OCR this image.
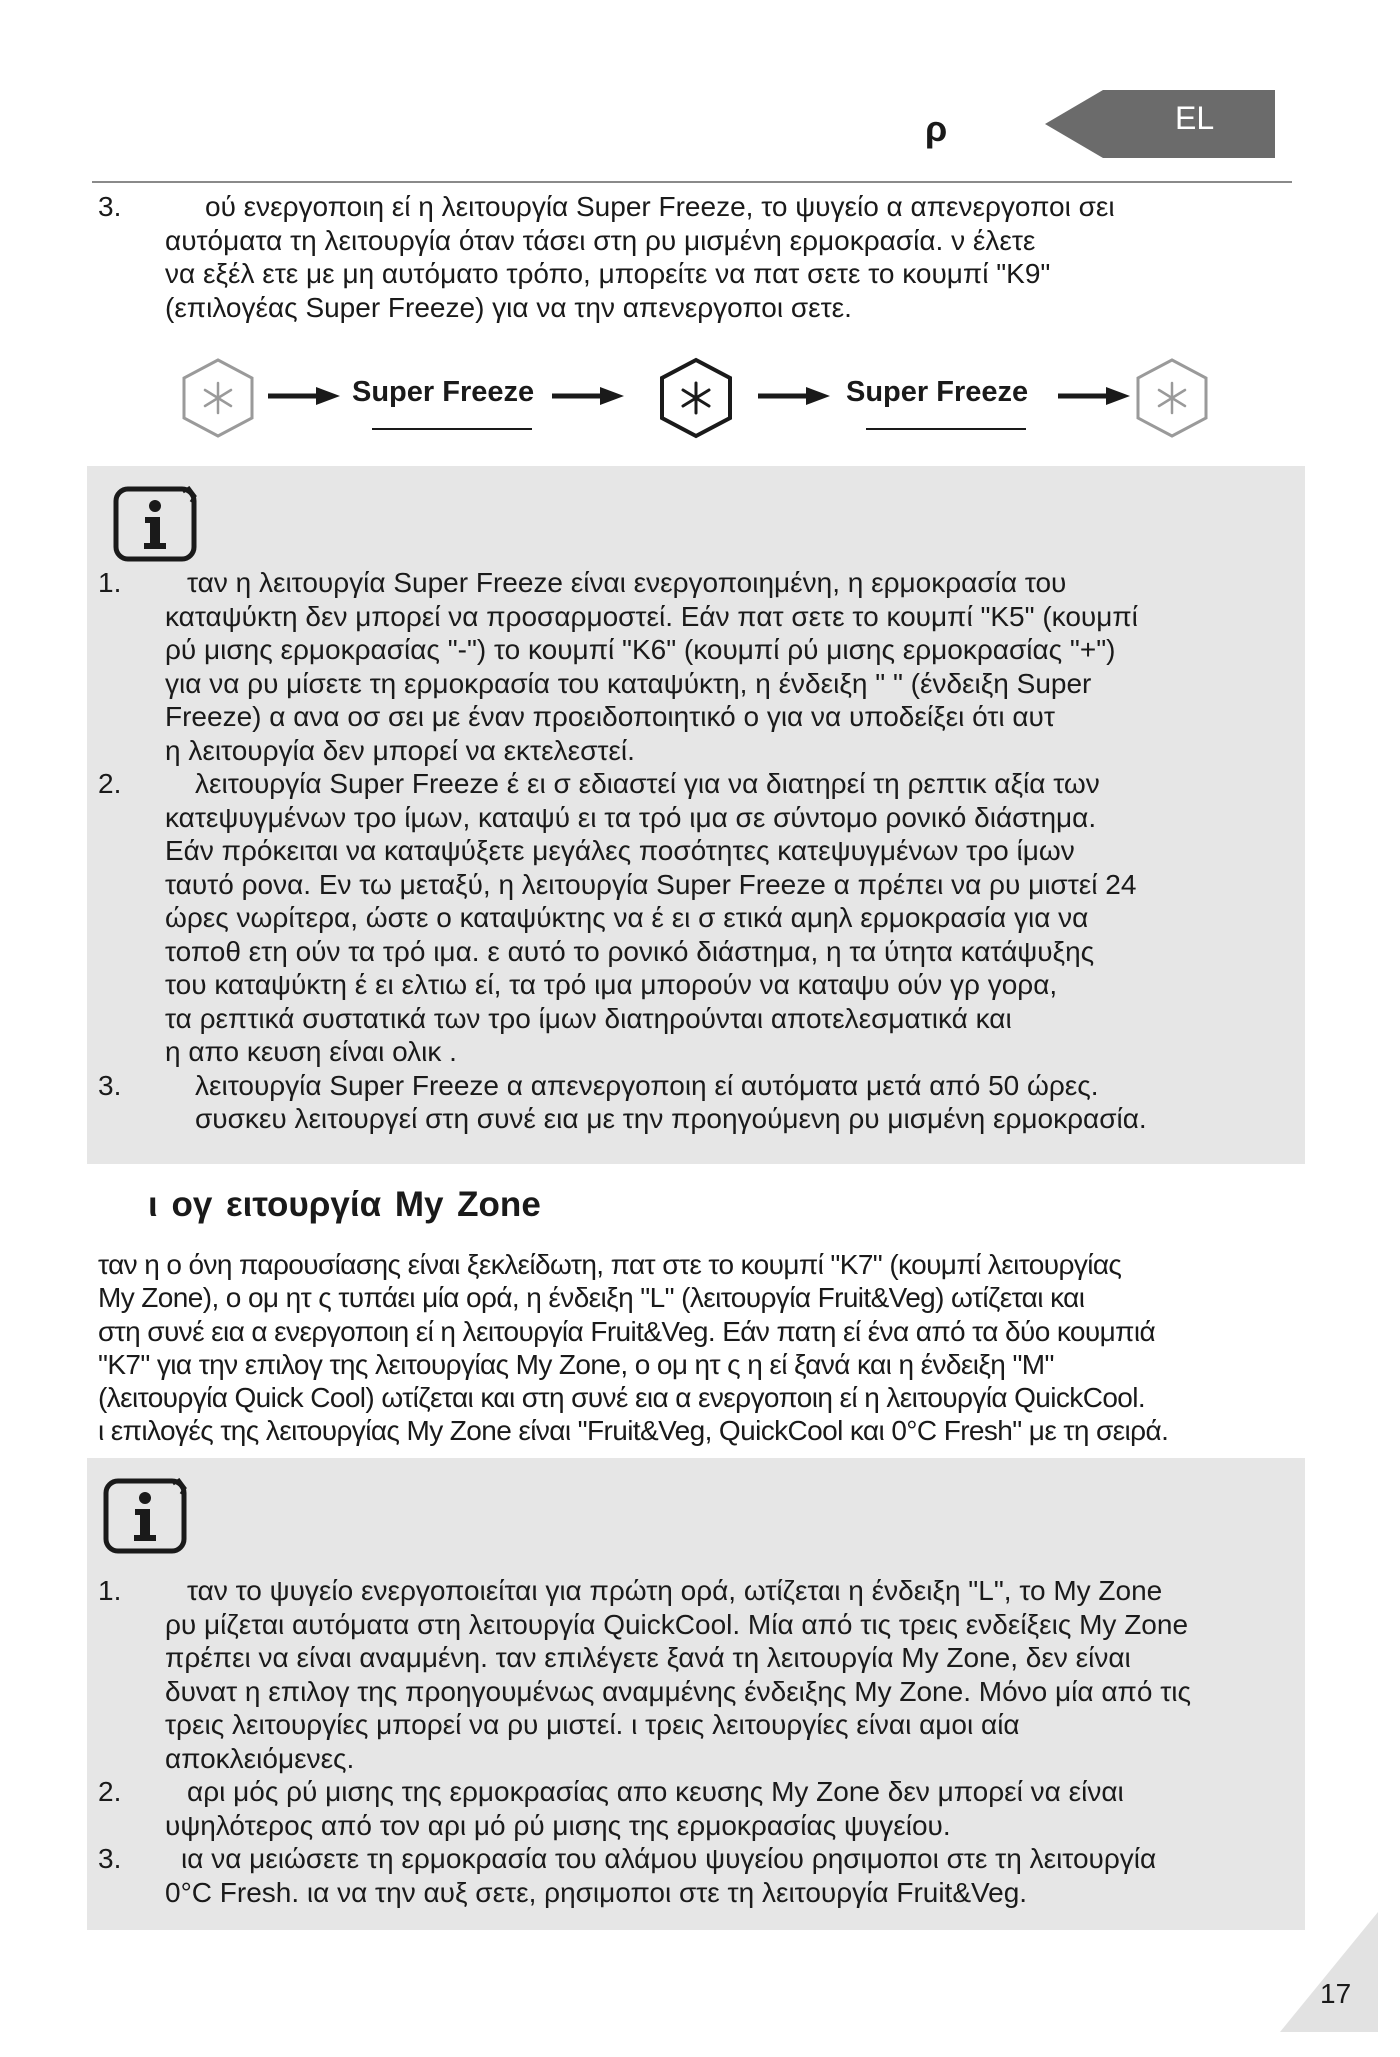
ρ	EL
3.	ού ενεργοποιη εί η λειτουργία Super Freeze, το ψυγείο α απενεργοποι σει
αυτόματα τη λειτουργία όταν τάσει στη ρυ μισμένη ερμοκρασία. ν έλετε
να εξέλ ετε με μη αυτόματο τρόπο, μπορείτε να πατ σετε το κουμπί "K9"
(επιλογέας Super Freeze) για να την απενεργοποι σετε.
Super Freeze	Super Freeze
1.	ταν η λειτουργία Super Freeze είναι ενεργοποιημένη, η ερμοκρασία του
καταψύκτη δεν μπορεί να προσαρμοστεί. Εάν πατ σετε το κουμπί "K5" (κουμπί
ρύ μισης ερμοκρασίας "-") το κουμπί "K6" (κουμπί ρύ μισης ερμοκρασίας "+")
για να ρυ μίσετε τη ερμοκρασία του καταψύκτη, η ένδειξη " " (ένδειξη Super
Freeze) α ανα οσ σει με έναν προειδοποιητικό ο για να υποδείξει ότι αυτ
η λειτουργία δεν μπορεί να εκτελεστεί.
2.	λειτουργία Super Freeze έ ει σ εδιαστεί για να διατηρεί τη ρεπτικ αξία των
κατεψυγμένων τρο ίμων, καταψύ ει τα τρό ιμα σε σύντομο ρονικό διάστημα.
Εάν πρόκειται να καταψύξετε μεγάλες ποσότητες κατεψυγμένων τρο ίμων
ταυτό ρονα. Εν τω μεταξύ, η λειτουργία Super Freeze α πρέπει να ρυ μιστεί 24
ώρες νωρίτερα, ώστε ο καταψύκτης να έ ει σ ετικά αμηλ ερμοκρασία για να
τοποθ ετη ούν τα τρό ιμα. ε αυτό το ρονικό διάστημα, η τα ύτητα κατάψυξης
του καταψύκτη έ ει ελτιω εί, τα τρό ιμα μπορούν να καταψυ ούν γρ γορα,
τα ρεπτικά συστατικά των τρο ίμων διατηρούνται αποτελεσματικά και
η απο κευση είναι ολικ .
3.	λειτουργία Super Freeze α απενεργοποιη εί αυτόματα μετά από 50 ώρες.
συσκευ λειτουργεί στη συνέ εια με την προηγούμενη ρυ μισμένη ερμοκρασία.
ι ογ ειτουργία My Zone
ταν η ο όνη παρουσίασης είναι ξεκλείδωτη, πατ στε το κουμπί "K7" (κουμπί λειτουργίας
My Zone), ο ομ ητ ς τυπάει μία ορά, η ένδειξη "L" (λειτουργία Fruit&Veg) ωτίζεται και
στη συνέ εια α ενεργοποιη εί η λειτουργία Fruit&Veg. Εάν πατη εί ένα από τα δύο κουμπιά
"K7" για την επιλογ της λειτουργίας My Zone, ο ομ ητ ς η εί ξανά και η ένδειξη "M"
(λειτουργία Quick Cool) ωτίζεται και στη συνέ εια α ενεργοποιη εί η λειτουργία QuickCool.
ι επιλογές της λειτουργίας My Zone είναι "Fruit&Veg, QuickCool και 0°C Fresh" με τη σειρά.
1.	ταν το ψυγείο ενεργοποιείται για πρώτη ορά, ωτίζεται η ένδειξη "L", το My Zone
ρυ μίζεται αυτόματα στη λειτουργία QuickCool. Μία από τις τρεις ενδείξεις My Zone
πρέπει να είναι αναμμένη. ταν επιλέγετε ξανά τη λειτουργία My Zone, δεν είναι
δυνατ η επιλογ της προηγουμένως αναμμένης ένδειξης My Zone. Μόνο μία από τις
τρεις λειτουργίες μπορεί να ρυ μιστεί. ι τρεις λειτουργίες είναι αμοι αία
αποκλειόμενες.
2.	αρι μός ρύ μισης της ερμοκρασίας απο κευσης My Zone δεν μπορεί να είναι
υψηλότερος από τον αρι μό ρύ μισης της ερμοκρασίας ψυγείου.
3.	ια να μειώσετε τη ερμοκρασία του αλάμου ψυγείου ρησιμοποι στε τη λειτουργία
0°C Fresh. ια να την αυξ σετε, ρησιμοποι στε τη λειτουργία Fruit&Veg.
17
